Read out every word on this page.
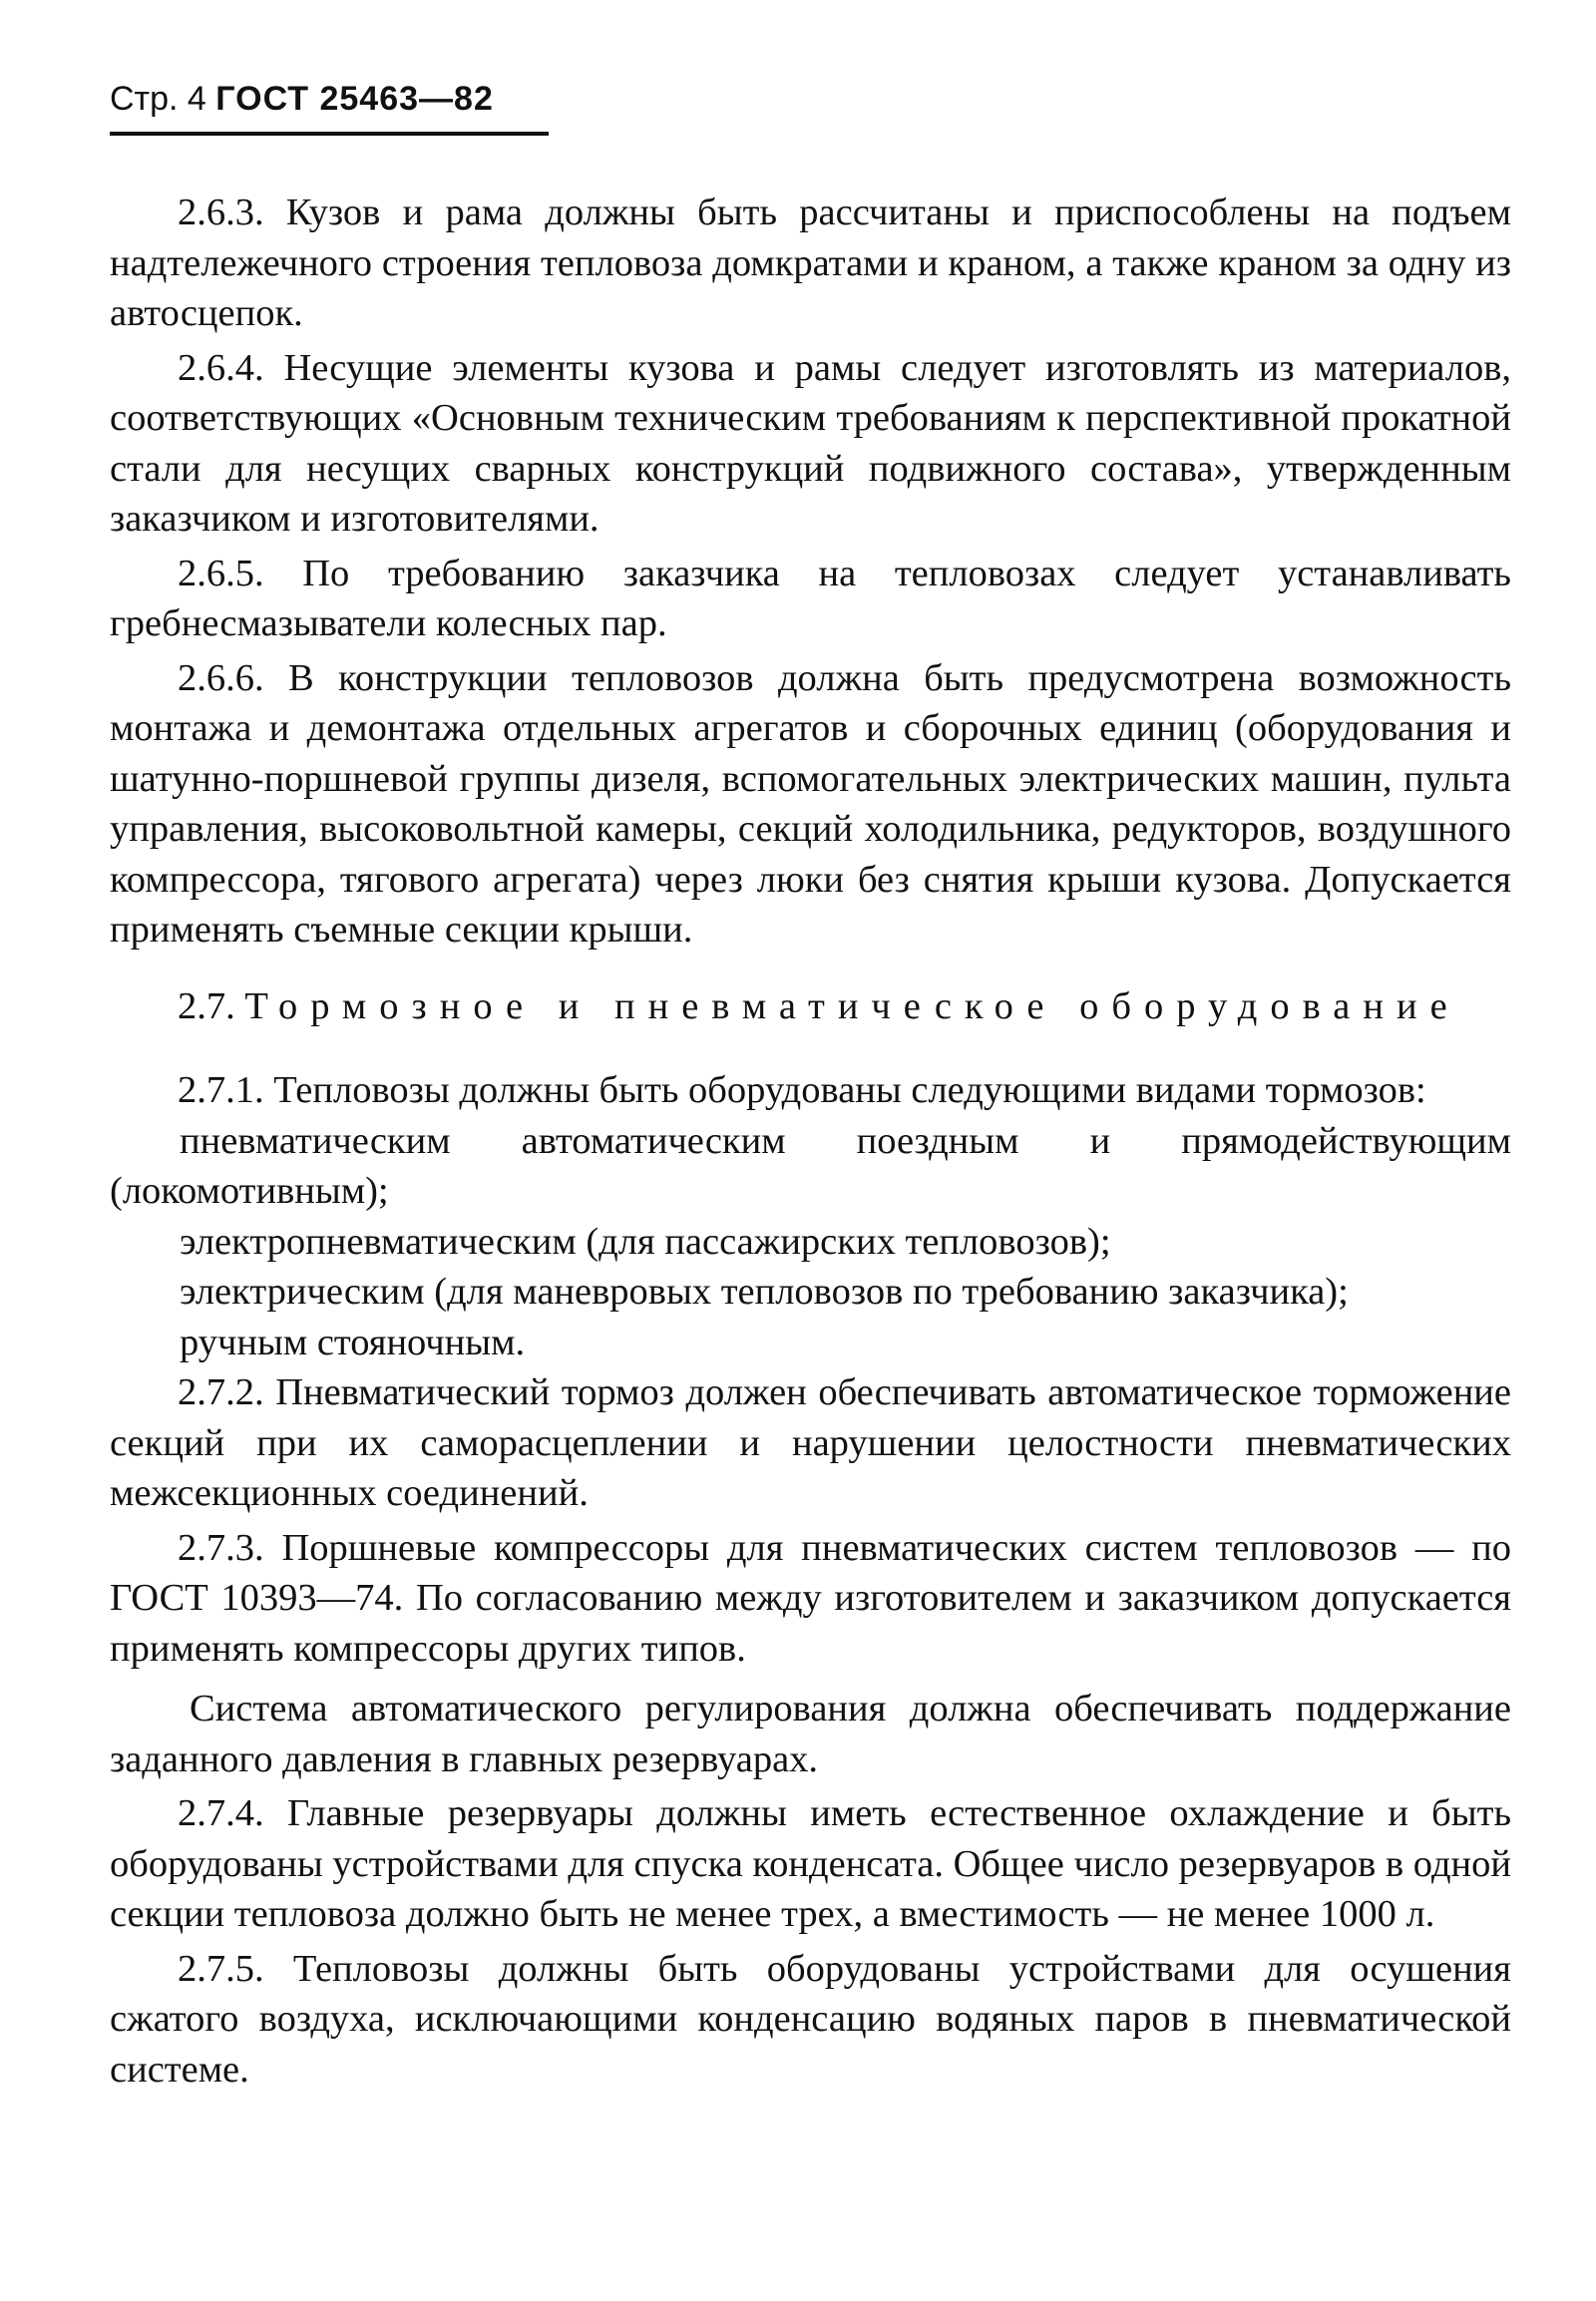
Стр. 4 ГОСТ 25463—82

2.6.3. Кузов и рама должны быть рассчитаны и приспособлены на подъем надтележечного строения тепловоза домкратами и краном, а также краном за одну из автосцепок.

2.6.4. Несущие элементы кузова и рамы следует изготовлять из материалов, соответствующих «Основным техническим требованиям к перспективной прокатной стали для несущих сварных конструкций подвижного состава», утвержденным заказчиком и изготовителями.

2.6.5. По требованию заказчика на тепловозах следует устанавливать гребнесмазыватели колесных пар.

2.6.6. В конструкции тепловозов должна быть предусмотрена возможность монтажа и демонтажа отдельных агрегатов и сборочных единиц (оборудования и шатунно-поршневой группы дизеля, вспомогательных электрических машин, пульта управления, высоковольтной камеры, секций холодильника, редукторов, воздушного компрессора, тягового агрегата) через люки без снятия крыши кузова. Допускается применять съемные секции крыши.

2.7. Тормозное и пневматическое оборудование

2.7.1. Тепловозы должны быть оборудованы следующими видами тормозов:

пневматическим автоматическим поездным и прямодействующим (локомотивным);

электропневматическим (для пассажирских тепловозов);

электрическим (для маневровых тепловозов по требованию заказчика);

ручным стояночным.

2.7.2. Пневматический тормоз должен обеспечивать автоматическое торможение секций при их саморасцеплении и нарушении целостности пневматических межсекционных соединений.

2.7.3. Поршневые компрессоры для пневматических систем тепловозов — по ГОСТ 10393—74. По согласованию между изготовителем и заказчиком допускается применять компрессоры других типов.

Система автоматического регулирования должна обеспечивать поддержание заданного давления в главных резервуарах.

2.7.4. Главные резервуары должны иметь естественное охлаждение и быть оборудованы устройствами для спуска конденсата. Общее число резервуаров в одной секции тепловоза должно быть не менее трех, а вместимость — не менее 1000 л.

2.7.5. Тепловозы должны быть оборудованы устройствами для осушения сжатого воздуха, исключающими конденсацию водяных паров в пневматической системе.
